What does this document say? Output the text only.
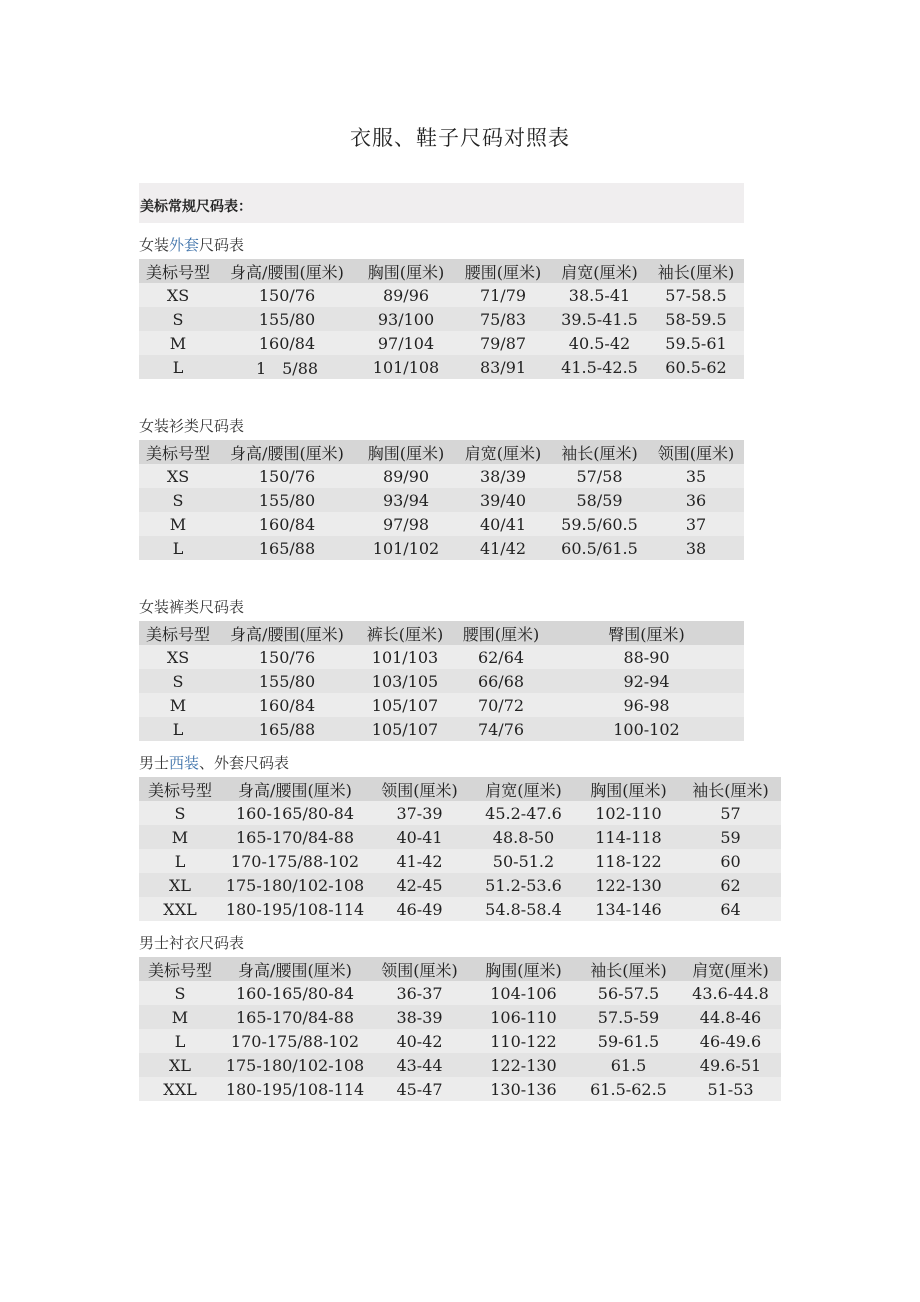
衣服、鞋子尺码对照表
美标常规尺码表：
女装外套尺码表
美标号型	身高/腰围(厘米)	胸围(厘米)	腰围(厘米)	肩宽(厘米)	袖长(厘米)
XS	150/76	89/96	71/79	38.5-41	57-58.5
S	155/80	93/100	75/83	39.5-41.5	58-59.5
M	160/84	97/104	79/87	40.5-42	59.5-61
L	1　5/88	101/108	83/91	41.5-42.5	60.5-62
女装衫类尺码表
美标号型	身高/腰围(厘米)	胸围(厘米)	肩宽(厘米)	袖长(厘米)	领围(厘米)
XS	150/76	89/90	38/39	57/58	35
S	155/80	93/94	39/40	58/59	36
M	160/84	97/98	40/41	59.5/60.5	37
L	165/88	101/102	41/42	60.5/61.5	38
女装裤类尺码表
美标号型	身高/腰围(厘米)	裤长(厘米)	腰围(厘米)	臀围(厘米)
XS	150/76	101/103	62/64	88-90
S	155/80	103/105	66/68	92-94
M	160/84	105/107	70/72	96-98
L	165/88	105/107	74/76	100-102
男士西装、外套尺码表
美标号型	身高/腰围(厘米)	领围(厘米)	肩宽(厘米)	胸围(厘米)	袖长(厘米)
S	160-165/80-84	37-39	45.2-47.6	102-110	57
M	165-170/84-88	40-41	48.8-50	114-118	59
L	170-175/88-102	41-42	50-51.2	118-122	60
XL	175-180/102-108	42-45	51.2-53.6	122-130	62
XXL	180-195/108-114	46-49	54.8-58.4	134-146	64
男士衬衣尺码表
美标号型	身高/腰围(厘米)	领围(厘米)	胸围(厘米)	袖长(厘米)	肩宽(厘米)
S	160-165/80-84	36-37	104-106	56-57.5	43.6-44.8
M	165-170/84-88	38-39	106-110	57.5-59	44.8-46
L	170-175/88-102	40-42	110-122	59-61.5	46-49.6
XL	175-180/102-108	43-44	122-130	61.5	49.6-51
XXL	180-195/108-114	45-47	130-136	61.5-62.5	51-53
